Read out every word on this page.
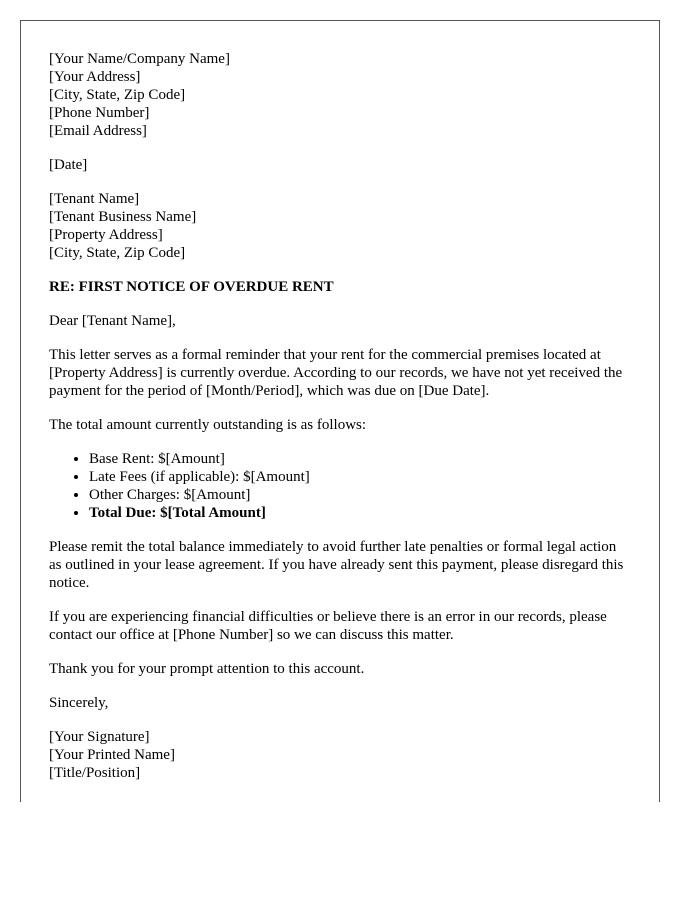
[Your Name/Company Name]
[Your Address]
[City, State, Zip Code]
[Phone Number]
[Email Address]
[Date]
[Tenant Name]
[Tenant Business Name]
[Property Address]
[City, State, Zip Code]
RE: FIRST NOTICE OF OVERDUE RENT

Dear [Tenant Name],

This letter serves as a formal reminder that your rent for the commercial premises located at [Property Address] is currently overdue. According to our records, we have not yet received the payment for the period of [Month/Period], which was due on [Due Date].

The total amount currently outstanding is as follows:

• Base Rent: $[Amount]
• Late Fees (if applicable): $[Amount]
• Other Charges: $[Amount]
• Total Due: $[Total Amount]

Please remit the total balance immediately to avoid further late penalties or formal legal action as outlined in your lease agreement. If you have already sent this payment, please disregard this notice.

If you are experiencing financial difficulties or believe there is an error in our records, please contact our office at [Phone Number] so we can discuss this matter.

Thank you for your prompt attention to this account.

Sincerely,

[Your Signature]
[Your Printed Name]
[Title/Position]
